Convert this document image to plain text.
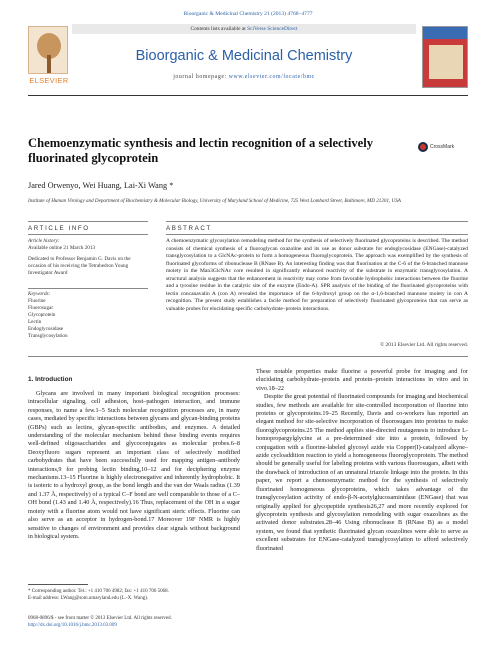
Bioorganic & Medicinal Chemistry 21 (2013) 4768–4777
ELSEVIER
Contents lists available at SciVerse ScienceDirect
Bioorganic & Medicinal Chemistry
journal homepage: www.elsevier.com/locate/bmc
Chemoenzymatic synthesis and lectin recognition of a selectively fluorinated glycoprotein
CrossMark
Jared Orwenyo, Wei Huang, Lai-Xi Wang *
Institute of Human Virology and Department of Biochemistry & Molecular Biology, University of Maryland School of Medicine, 725 West Lombard Street, Baltimore, MD 21201, USA
ARTICLE INFO	ABSTRACT
Article history:
Available online 21 March 2013
Dedicated to Professor Benjamin G. Davis on the occasion of his receiving the Tetrahedron Young Investigator Award
Keywords:
Fluorine
Fluorosugar
Glycoprotein
Lectin
Endoglycosidase
Transglycosylation
A chemoenzymatic glycosylation remodeling method for the synthesis of selectively fluorinated glycoproteins is described. The method consists of chemical synthesis of a fluoroglycan oxazoline and its use as donor substrate for endoglycosidase (ENGase)-catalyzed transglycosylation to a GlcNAc-protein to form a homogeneous fluoroglycoprotein. The approach was exemplified by the synthesis of fluorinated glycoforms of ribonuclease B (RNase B). An interesting finding was that fluorination at the C-6 of the 6-branched mannose moiety in the Man3GlcNAc core resulted in significantly enhanced reactivity of the substrate in enzymatic transglycosylation. A structural analysis suggests that the enhancement in reactivity may come from favorable hydrophobic interactions between the fluorine and a tyrosine residue in the catalytic site of the enzyme (Endo-A). SPR analysis of the binding of the fluorinated glycoproteins with lectin concanavalin A (con A) revealed the importance of the 6-hydroxyl group on the α-1,6-branched mannose moiety in con A recognition. The present study establishes a facile method for preparation of selectively fluorinated glycoproteins that can serve as valuable probes for elucidating specific carbohydrate–protein interactions.
© 2013 Elsevier Ltd. All rights reserved.
1. Introduction

Glycans are involved in many important biological recognition processes: intracellular signaling, cell adhesion, host–pathogen interaction, and immune responses, to name a few.1–5 Such molecular recognition processes are, in many cases, mediated by specific interactions between glycans and glycan-binding proteins (GBPs) such as lectins, glycan-specific antibodies, and enzymes. A detailed understanding of the molecular mechanism behind these binding events requires well-defined oligosaccharides and glycoconjugates as molecular probes.6–8 Deoxyfluoro sugars represent an important class of selectively modified carbohydrates that have been successfully used for mapping antigen–antibody interactions,9 for probing lectin binding,10–12 and for deciphering enzyme mechanisms.13–15 Fluorine is highly electronegative and inherently hydrophobic. It is isoteric to a hydroxyl group, as the bond length and the van der Waals radius (1.39 and 1.37 Å, respectively) of a typical C–F bond are well comparable to those of a C–OH bond (1.43 and 1.40 Å, respectively).16 Thus, replacement of the OH in a sugar moiety with a fluorine atom would not have significant steric effects. Fluorine can also serve as an acceptor in hydrogen-bond.17 Moreover 19F NMR is highly sensitive to changes of environment and provides clear signals without background in biological system.

These notable properties make fluorine a powerful probe for imaging and for elucidating carbohydrate–protein and protein–protein interactions in vitro and in vivo.18–22

Despite the great potential of fluorinated compounds for imaging and biochemical studies, few methods are available for site-controlled incorporation of fluorine into proteins or glycoproteins.19–25 Recently, Davis and co-workers has reported an elegant method for site-selective incorporation of fluorosugars into proteins to make fluoroglycoproteins.25 The method applies site-directed mutagenesis to introduce L-homopropargylglycine at a pre-determined site into a protein, followed by conjugation with a fluorine-labeled glycosyl azide via Copper(I)-catalyzed alkyne–azide cycloaddition reaction to yield a homogeneous fluoroglycoprotein. The method should be generally useful for labeling proteins with various fluorosugars, albeit with the drawback of introduction of an unnatural triazole linkage into the protein. In this paper, we report a chemoenzymatic method for the synthesis of selectively fluorinated homogeneous glycoproteins, which takes advantage of the transglycosylation activity of endo-β-N-acetylglucosaminidase (ENGase) that was originally applied for glycopeptide synthesis26,27 and more recently explored for glycoprotein synthesis and glycosylation remodeling with sugar oxazolines as the activated donor substrates.28–46 Using ribonuclease B (RNase B) as a model system, we found that synthetic fluorinated glycan oxazolines were able to serve as excellent substrates for ENGase-catalyzed transglycosylation to afford selectively fluorinated

* Corresponding author. Tel.: +1 410 706 4982; fax: +1 410 706 5068.
E-mail address: LWang@som.umaryland.edu (L.-X. Wang).
0968-0896/$ - see front matter © 2013 Elsevier Ltd. All rights reserved.
http://dx.doi.org/10.1016/j.bmc.2013.03.009
